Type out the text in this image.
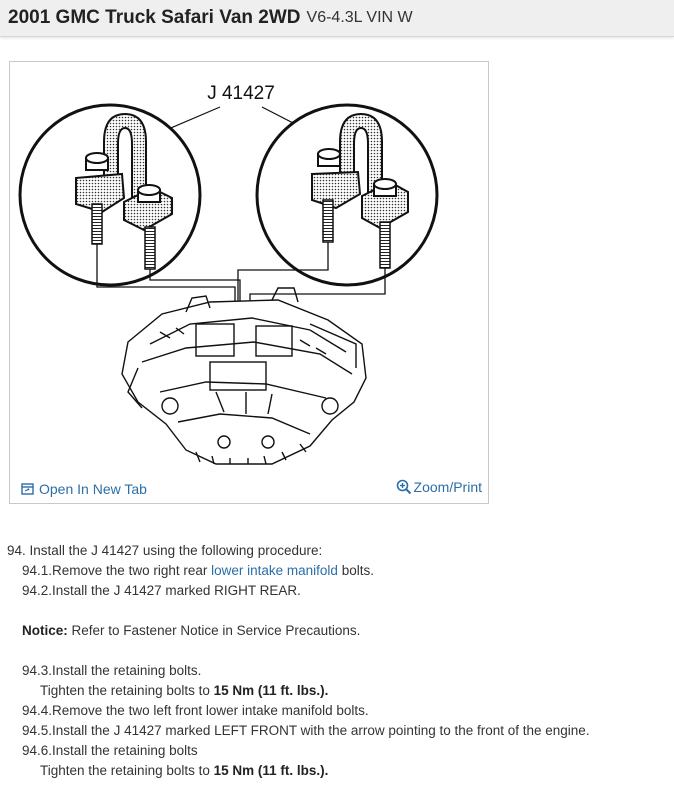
2001 GMC Truck Safari Van 2WD V6-4.3L VIN W
J 41427
Open In New Tab	Zoom/Print
94. Install the J 41427 using the following procedure:
94.1.Remove the two right rear lower intake manifold bolts.
94.2.Install the J 41427 marked RIGHT REAR.
Notice: Refer to Fastener Notice in Service Precautions.
94.3.Install the retaining bolts.
Tighten the retaining bolts to 15 Nm (11 ft. lbs.).
94.4.Remove the two left front lower intake manifold bolts.
94.5.Install the J 41427 marked LEFT FRONT with the arrow pointing to the front of the engine.
94.6.Install the retaining bolts
Tighten the retaining bolts to 15 Nm (11 ft. lbs.).
